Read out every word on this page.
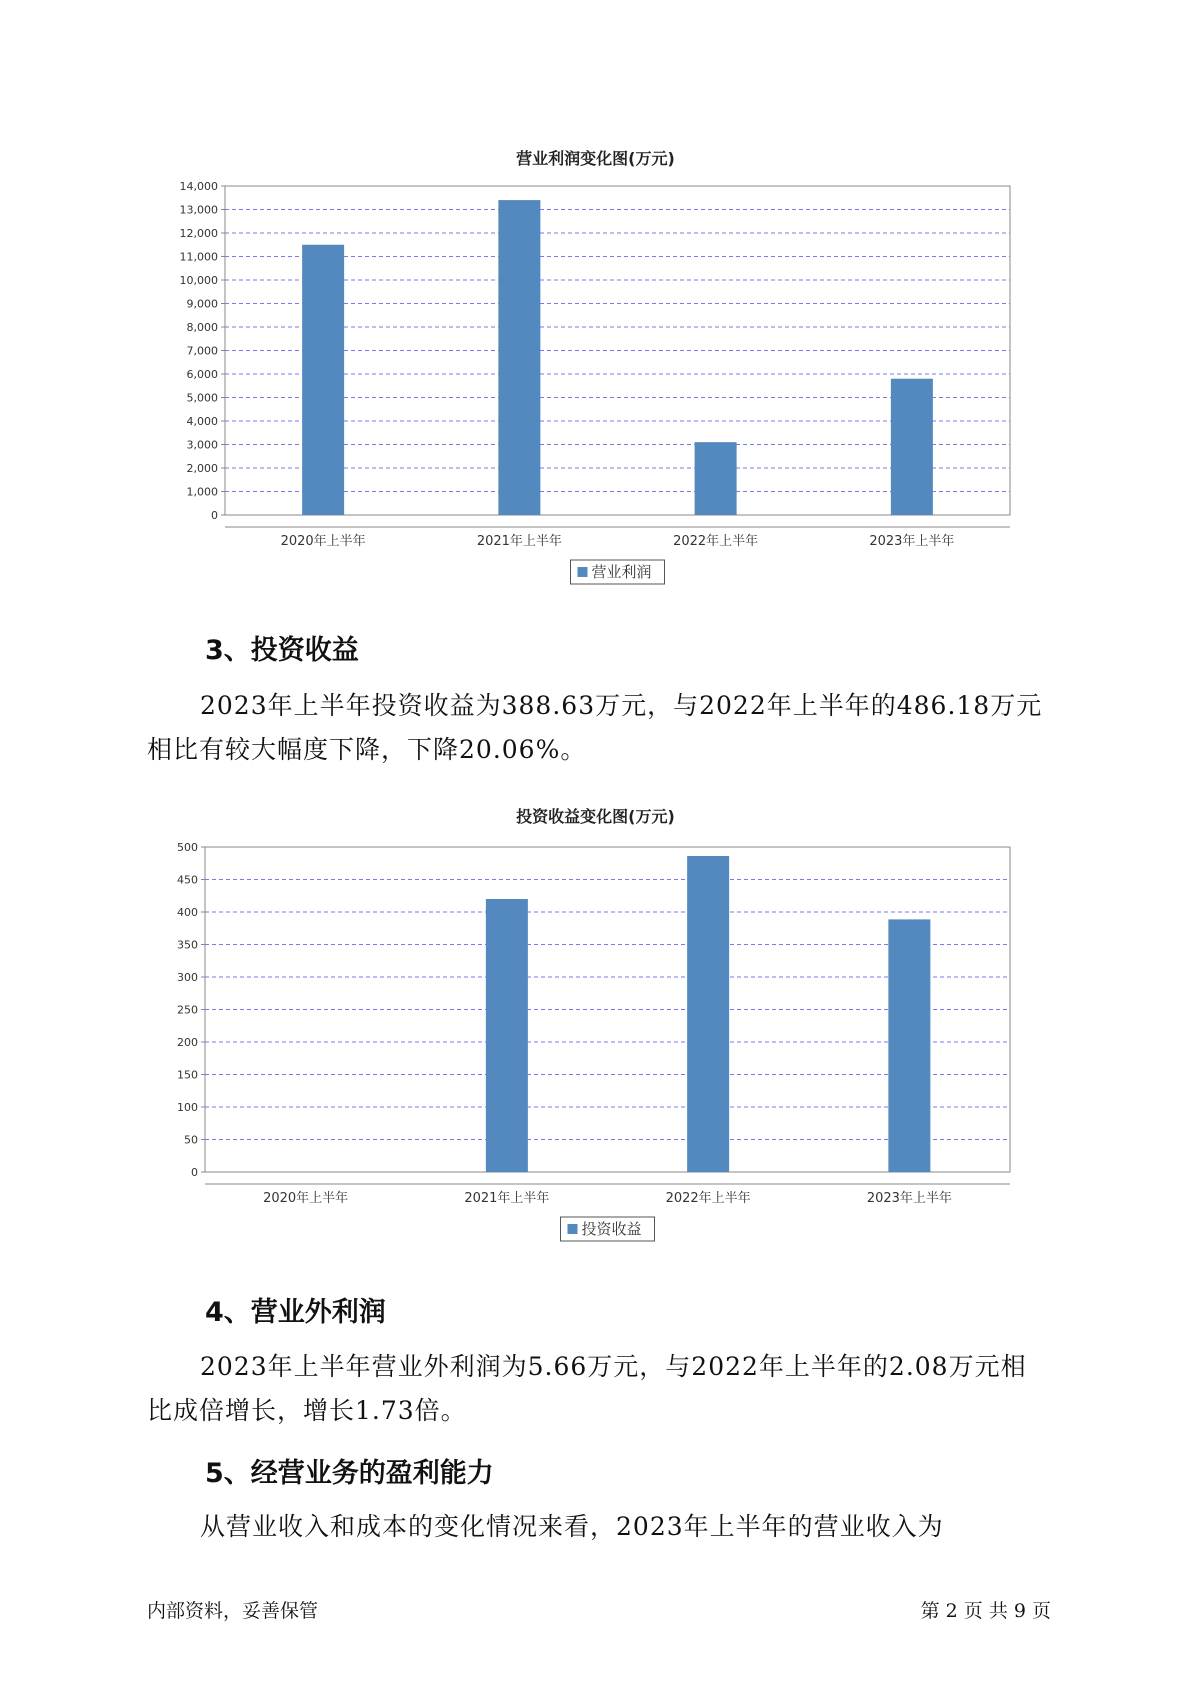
营业利润变化图(万元)
0
1,000
2,000
3,000
4,000
5,000
6,000
7,000
8,000
9,000
10,000
11,000
12,000
13,000
14,000
2020年上半年	2021年上半年	2022年上半年	2023年上半年
营业利润
3、投资收益

2023年上半年投资收益为388.63万元，与2022年上半年的486.18万元相比有较大幅度下降，下降20.06%。

投资收益变化图(万元)
0
50
100
150
200
250
300
350
400
450
500
2020年上半年	2021年上半年	2022年上半年	2023年上半年
投资收益
4、营业外利润

2023年上半年营业外利润为5.66万元，与2022年上半年的2.08万元相比成倍增长，增长1.73倍。

5、经营业务的盈利能力

从营业收入和成本的变化情况来看，2023年上半年的营业收入为

内部资料，妥善保管	第 2 页 共 9 页
